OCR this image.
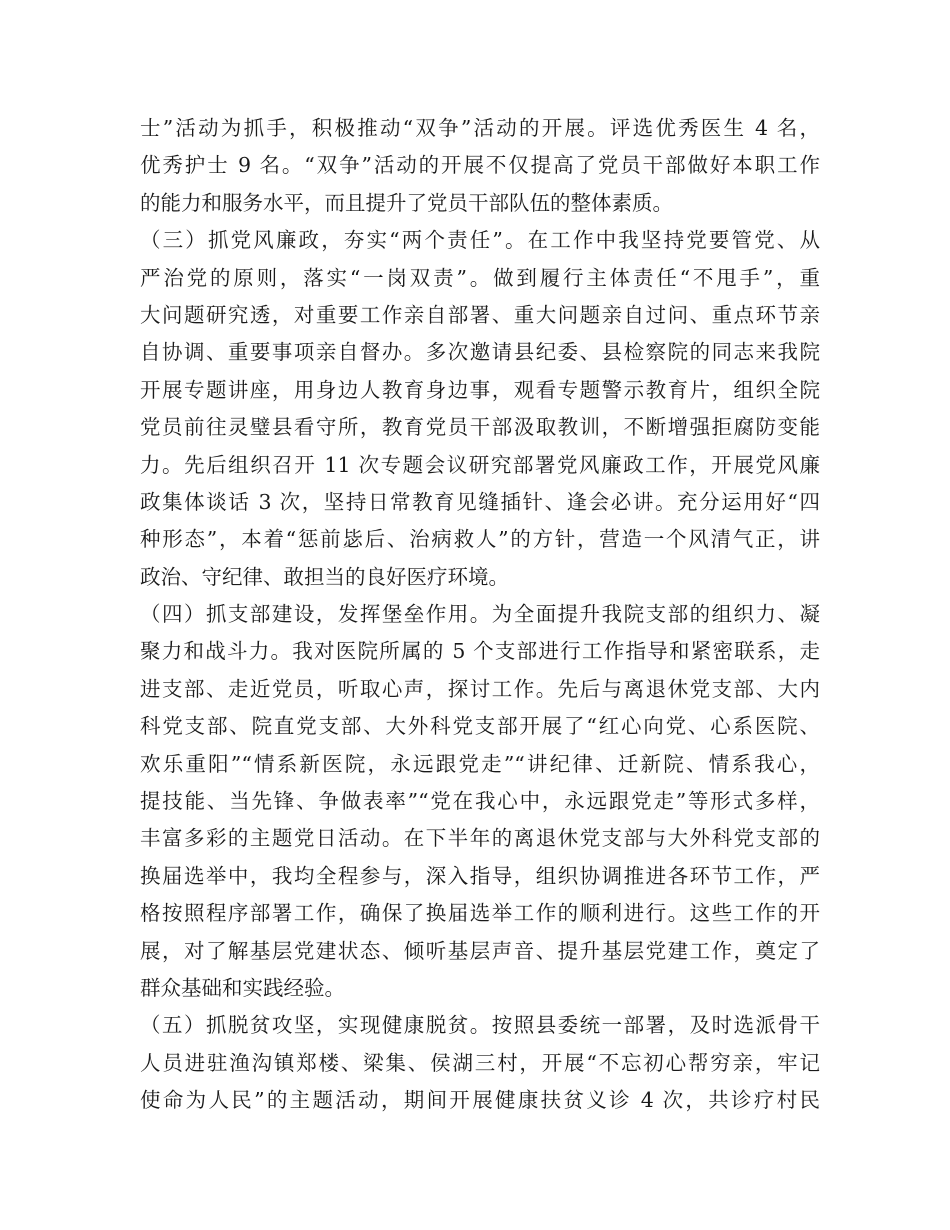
士”活动为抓手，积极推动“双争”活动的开展。评选优秀医生 4 名，
优秀护士 9 名。“双争”活动的开展不仅提高了党员干部做好本职工作
的能力和服务水平，而且提升了党员干部队伍的整体素质。
（三）抓党风廉政，夯实“两个责任”。在工作中我坚持党要管党、从
严治党的原则，落实“一岗双责”。做到履行主体责任“不甩手”，重
大问题研究透，对重要工作亲自部署、重大问题亲自过问、重点环节亲
自协调、重要事项亲自督办。多次邀请县纪委、县检察院的同志来我院
开展专题讲座，用身边人教育身边事，观看专题警示教育片，组织全院
党员前往灵璧县看守所，教育党员干部汲取教训，不断增强拒腐防变能
力。先后组织召开 11 次专题会议研究部署党风廉政工作，开展党风廉
政集体谈话 3 次，坚持日常教育见缝插针、逢会必讲。充分运用好“四
种形态”，本着“惩前毖后、治病救人”的方针，营造一个风清气正，讲
政治、守纪律、敢担当的良好医疗环境。
（四）抓支部建设，发挥堡垒作用。为全面提升我院支部的组织力、凝
聚力和战斗力。我对医院所属的 5 个支部进行工作指导和紧密联系，走
进支部、走近党员，听取心声，探讨工作。先后与离退休党支部、大内
科党支部、院直党支部、大外科党支部开展了“红心向党、心系医院、
欢乐重阳”“情系新医院，永远跟党走”“讲纪律、迁新院、情系我心，
提技能、当先锋、争做表率”“党在我心中，永远跟党走”等形式多样，
丰富多彩的主题党日活动。在下半年的离退休党支部与大外科党支部的
换届选举中，我均全程参与，深入指导，组织协调推进各环节工作，严
格按照程序部署工作，确保了换届选举工作的顺利进行。这些工作的开
展，对了解基层党建状态、倾听基层声音、提升基层党建工作，奠定了
群众基础和实践经验。
（五）抓脱贫攻坚，实现健康脱贫。按照县委统一部署，及时选派骨干
人员进驻渔沟镇郑楼、梁集、侯湖三村，开展“不忘初心帮穷亲，牢记
使命为人民”的主题活动，期间开展健康扶贫义诊 4 次，共诊疗村民
